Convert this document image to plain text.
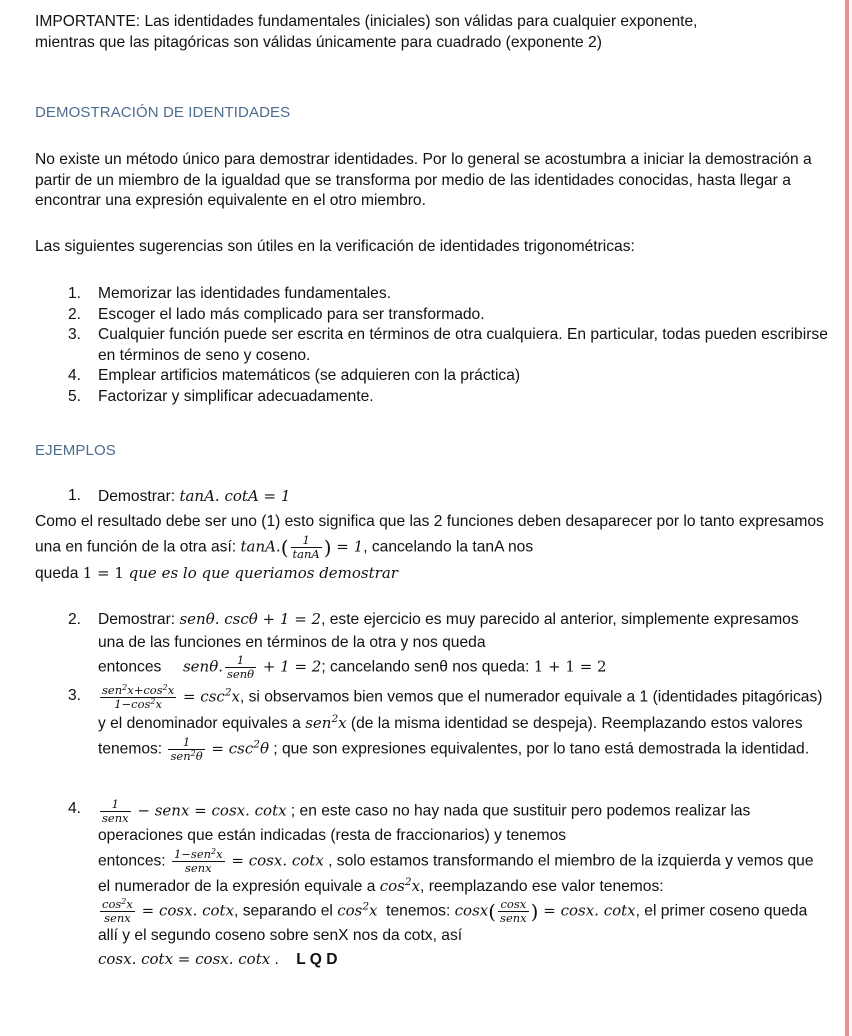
IMPORTANTE: Las identidades fundamentales (iniciales) son válidas para cualquier exponente,
mientras que las pitagóricas son válidas únicamente para cuadrado (exponente 2)
DEMOSTRACIÓN DE IDENTIDADES
No existe un método único para demostrar identidades. Por lo general se acostumbra a iniciar la demostración a partir de un miembro de la igualdad que se transforma por medio de las identidades conocidas, hasta llegar a encontrar una expresión equivalente en el otro miembro.
Las siguientes sugerencias son útiles en la verificación de identidades trigonométricas:
1. Memorizar las identidades fundamentales.
2. Escoger el lado más complicado para ser transformado.
3. Cualquier función puede ser escrita en términos de otra cualquiera. En particular, todas pueden escribirse en términos de seno y coseno.
4. Emplear artificios matemáticos (se adquieren con la práctica)
5. Factorizar y simplificar adecuadamente.
EJEMPLOS
1. Demostrar: tanA. cotA = 1
Como el resultado debe ser uno (1) esto significa que las 2 funciones deben desaparecer por lo tanto expresamos una en función de la otra así: $\tan A.( \frac{1}{\tan A}$ ) = 1, cancelando la tanA nos
queda 1 = 1 que es lo que queriamos demostrar
2. Demostrar: senθ. cscθ + 1 = 2, este ejercicio es muy parecido al anterior, simplemente expresamos una de las funciones en términos de la otra y nos queda
entonces     senθ. $\frac{1}{\text{senθ}} + 1 = 2$; cancelando senθ nos queda: 1 + 1 = 2
3. $\frac{sen^2x+\cos^2x}{1-\cos^2x} = \csc^2x$, si observamos bien vemos que el numerador equivale a 1 (identidades pitagóricas) y el denominador equivales a sen$^2$x (de la misma identidad se despeja). Reemplazando estos valores tenemos: $\frac{1}{sen^2\theta} = \csc^2\theta$ ; que son expresiones equivalentes, por lo tano está demostrada la identidad.
4. $\frac{1}{\text{senx}}$ − senx = cosx. cotx ; en este caso no hay nada que sustituir pero podemos realizar las operaciones que están indicadas (resta de fraccionarios) y tenemos
entonces: $\frac{1-sen^2x}{\text{senx}} = \cos x$. cotx , solo estamos transformando el miembro de la izquierda y vemos que el numerador de la expresión equivale a $\cos^2x$, reemplazando ese valor tenemos:

$\frac{\cos^2x}{\text{senx}} = \cos x$. cotx, separando el $\cos^2x$  tenemos: $\cos x( \frac{\cos x}{\text{senx}}$ ) = cosx. cotx, el primer coseno queda allí y el segundo coseno sobre senX nos da cotx, así
cosx. cotx = cosx. cotx .    L Q D
